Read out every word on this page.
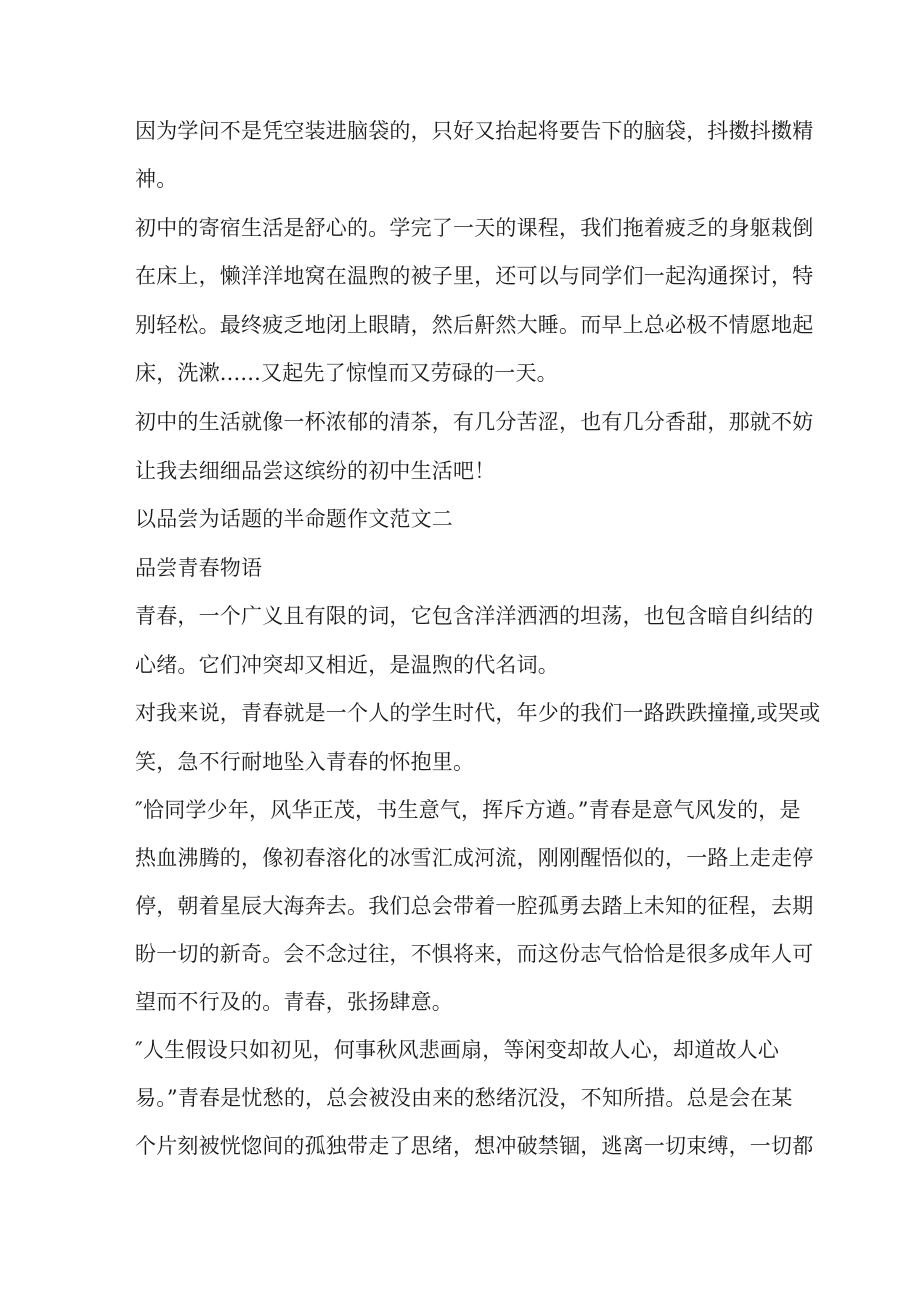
因为学问不是凭空装进脑袋的，只好又抬起将要告下的脑袋，抖擞抖擞精
神。
初中的寄宿生活是舒心的。学完了一天的课程，我们拖着疲乏的身躯栽倒
在床上，懒洋洋地窝在温煦的被子里，还可以与同学们一起沟通探讨，特
别轻松。最终疲乏地闭上眼睛，然后鼾然大睡。而早上总必极不情愿地起
床，洗漱......又起先了惊惶而又劳碌的一天。
初中的生活就像一杯浓郁的清茶，有几分苦涩，也有几分香甜，那就不妨
让我去细细品尝这缤纷的初中生活吧！
以品尝为话题的半命题作文范文二
品尝青春物语
青春，一个广义且有限的词，它包含洋洋洒洒的坦荡，也包含暗自纠结的
心绪。它们冲突却又相近，是温煦的代名词。
对我来说，青春就是一个人的学生时代，年少的我们一路跌跌撞撞,或哭或
笑，急不行耐地坠入青春的怀抱里。
″恰同学少年，风华正茂，书生意气，挥斥方遒。”青春是意气风发的，是
热血沸腾的，像初春溶化的冰雪汇成河流，刚刚醒悟似的，一路上走走停
停，朝着星辰大海奔去。我们总会带着一腔孤勇去踏上未知的征程，去期
盼一切的新奇。会不念过往，不惧将来，而这份志气恰恰是很多成年人可
望而不行及的。青春，张扬肆意。
″人生假设只如初见，何事秋风悲画扇，等闲变却故人心，却道故人心
易。”青春是忧愁的，总会被没由来的愁绪沉没，不知所措。总是会在某
个片刻被恍惚间的孤独带走了思绪，想冲破禁锢，逃离一切束缚，一切都
